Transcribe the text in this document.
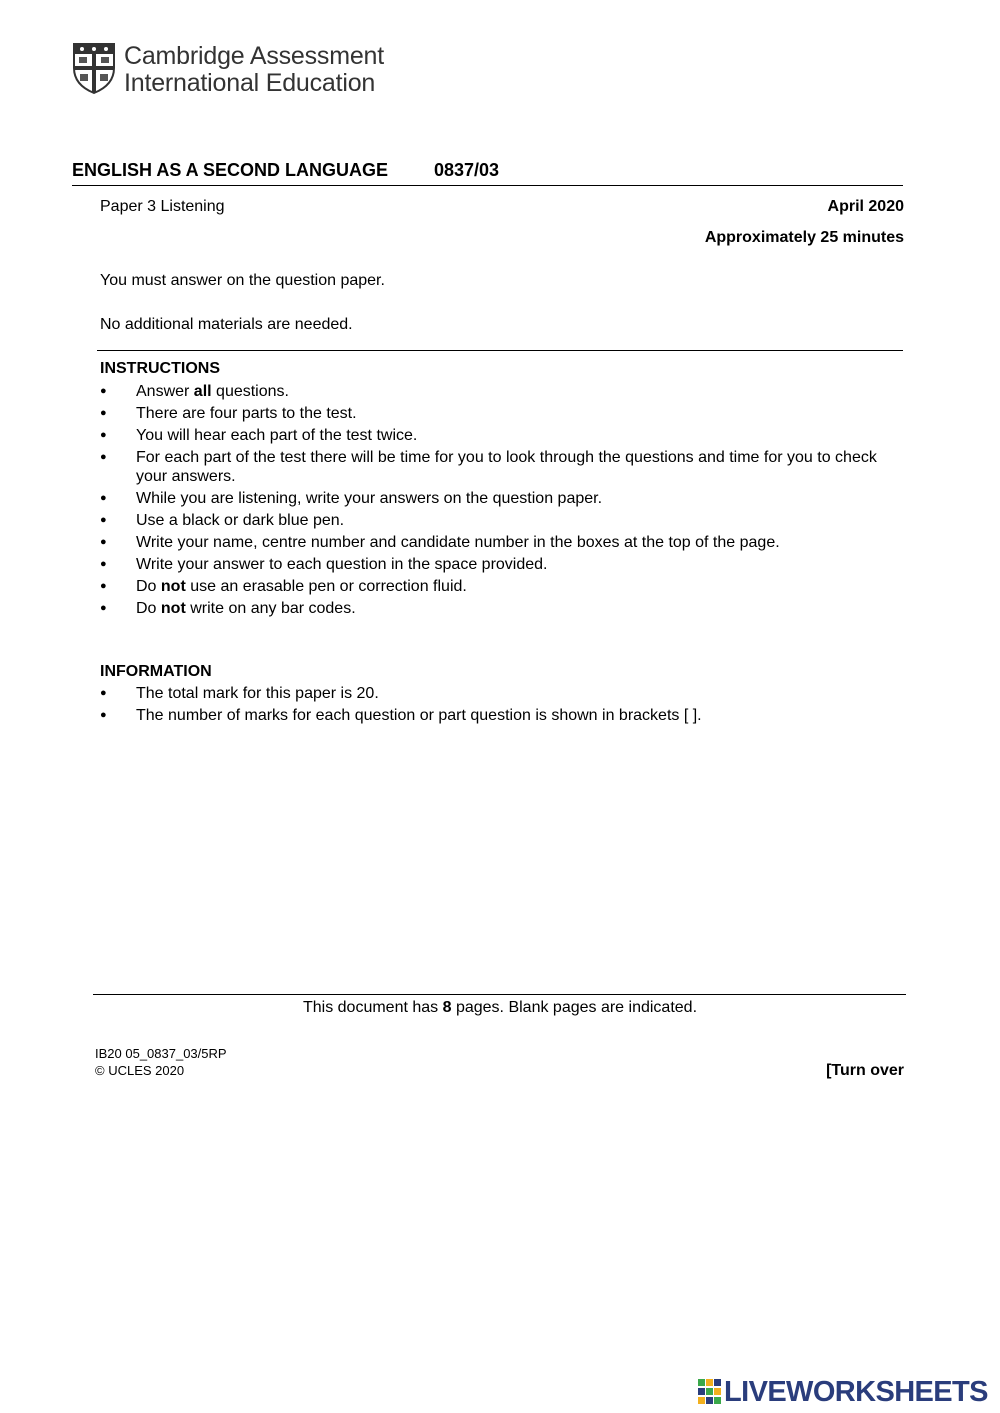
Cambridge Assessment
International Education
ENGLISH AS A SECOND LANGUAGE	0837/03
Paper 3 Listening	April 2020
Approximately 25 minutes
You must answer on the question paper.
No additional materials are needed.
INSTRUCTIONS
● Answer all questions.
● There are four parts to the test.
● You will hear each part of the test twice.
● For each part of the test there will be time for you to look through the questions and time for you to check your answers.
● While you are listening, write your answers on the question paper.
● Use a black or dark blue pen.
● Write your name, centre number and candidate number in the boxes at the top of the page.
● Write your answer to each question in the space provided.
● Do not use an erasable pen or correction fluid.
● Do not write on any bar codes.
INFORMATION
● The total mark for this paper is 20.
● The number of marks for each question or part question is shown in brackets [ ].
This document has 8 pages. Blank pages are indicated.
IB20 05_0837_03/5RP
© UCLES 2020	[Turn over
LIVEWORKSHEETS
